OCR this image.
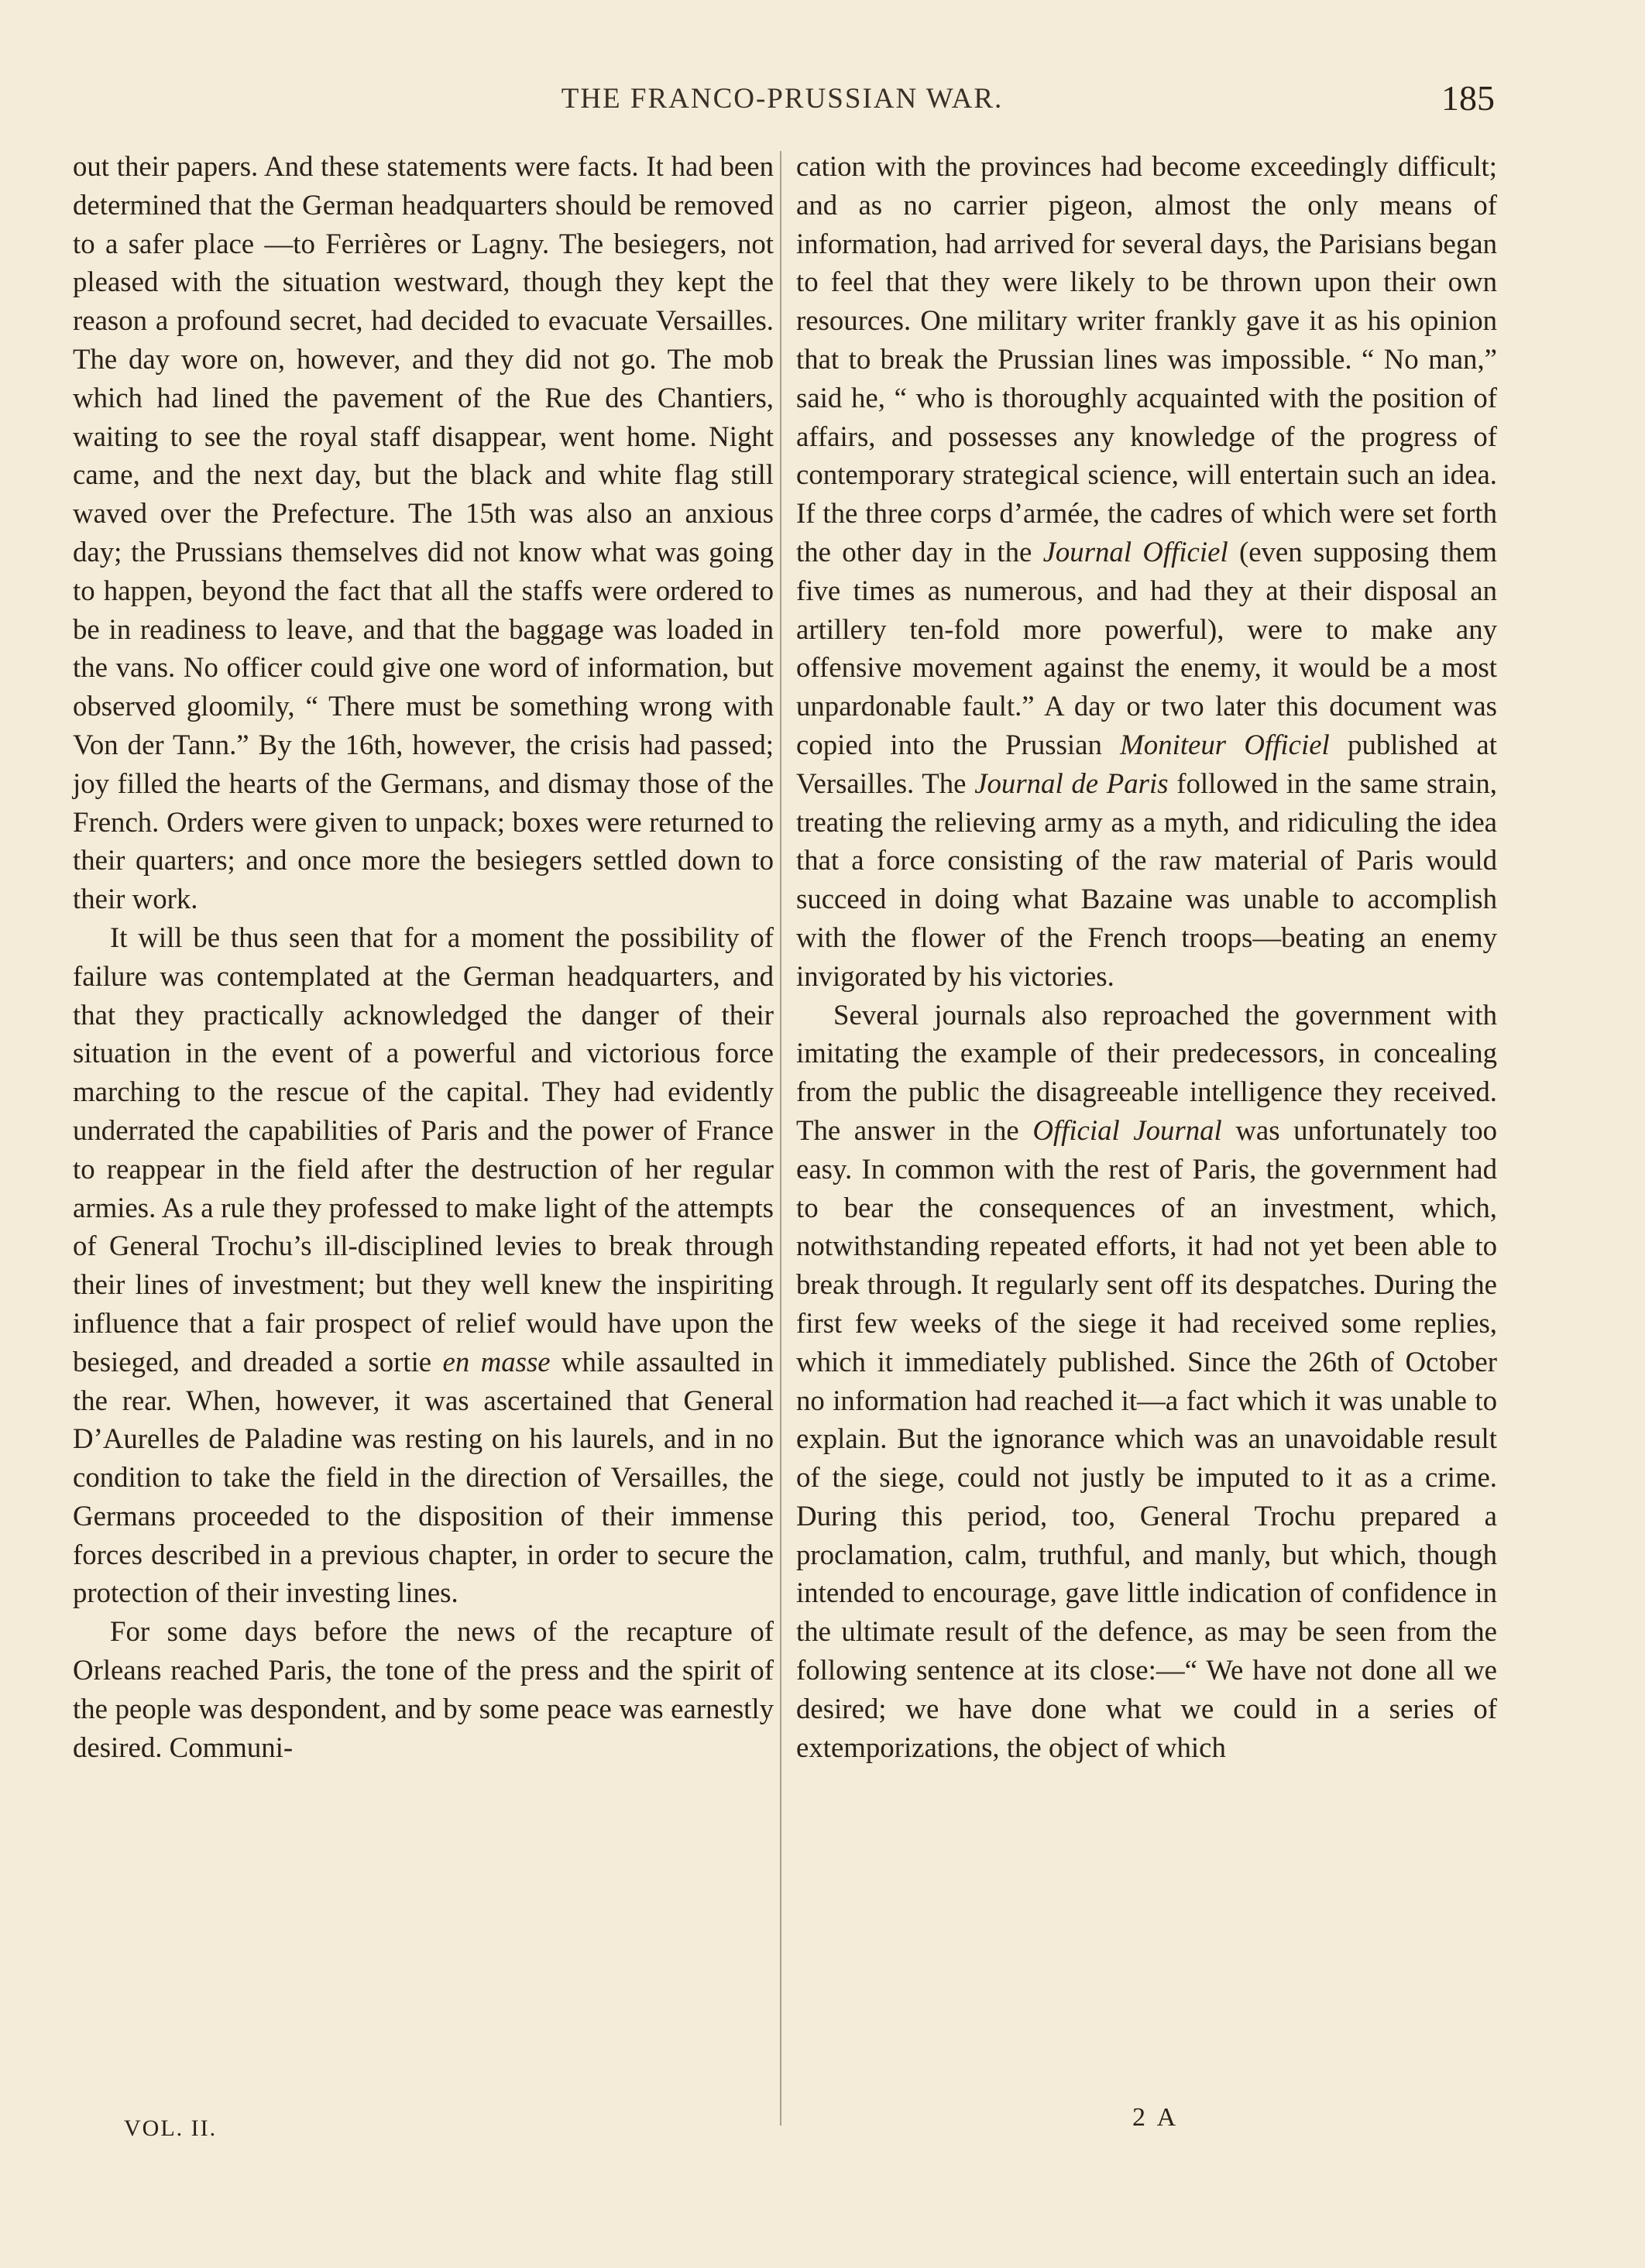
THE FRANCO-PRUSSIAN WAR.	185

out their papers. And these statements were facts. It had been determined that the German headquarters should be removed to a safer place —to Ferrières or Lagny. The besiegers, not pleased with the situation westward, though they kept the reason a profound secret, had decided to evacuate Versailles. The day wore on, however, and they did not go. The mob which had lined the pavement of the Rue des Chantiers, waiting to see the royal staff disappear, went home. Night came, and the next day, but the black and white flag still waved over the Prefecture. The 15th was also an anxious day; the Prussians themselves did not know what was going to happen, beyond the fact that all the staffs were ordered to be in readiness to leave, and that the baggage was loaded in the vans. No officer could give one word of information, but observed gloomily, “ There must be something wrong with Von der Tann.” By the 16th, however, the crisis had passed; joy filled the hearts of the Germans, and dismay those of the French. Orders were given to unpack; boxes were returned to their quarters; and once more the besiegers settled down to their work.

It will be thus seen that for a moment the possibility of failure was contemplated at the German headquarters, and that they practically acknowledged the danger of their situation in the event of a powerful and victorious force marching to the rescue of the capital. They had evidently underrated the capabilities of Paris and the power of France to reappear in the field after the destruction of her regular armies. As a rule they professed to make light of the attempts of General Trochu’s ill-disciplined levies to break through their lines of investment; but they well knew the inspiriting influence that a fair prospect of relief would have upon the besieged, and dreaded a sortie en masse while assaulted in the rear. When, however, it was ascertained that General D’Aurelles de Paladine was resting on his laurels, and in no condition to take the field in the direction of Versailles, the Germans proceeded to the disposition of their immense forces described in a previous chapter, in order to secure the protection of their investing lines.

For some days before the news of the recapture of Orleans reached Paris, the tone of the press and the spirit of the people was despondent, and by some peace was earnestly desired. Communi-

cation with the provinces had become exceedingly difficult; and as no carrier pigeon, almost the only means of information, had arrived for several days, the Parisians began to feel that they were likely to be thrown upon their own resources. One military writer frankly gave it as his opinion that to break the Prussian lines was impossible. “ No man,” said he, “ who is thoroughly acquainted with the position of affairs, and possesses any knowledge of the progress of contemporary strategical science, will entertain such an idea. If the three corps d’armée, the cadres of which were set forth the other day in the Journal Officiel (even supposing them five times as numerous, and had they at their disposal an artillery ten-fold more powerful), were to make any offensive movement against the enemy, it would be a most unpardonable fault.” A day or two later this document was copied into the Prussian Moniteur Officiel published at Versailles. The Journal de Paris followed in the same strain, treating the relieving army as a myth, and ridiculing the idea that a force consisting of the raw material of Paris would succeed in doing what Bazaine was unable to accomplish with the flower of the French troops—beating an enemy invigorated by his victories.

Several journals also reproached the government with imitating the example of their predecessors, in concealing from the public the disagreeable intelligence they received. The answer in the Official Journal was unfortunately too easy. In common with the rest of Paris, the government had to bear the consequences of an investment, which, notwithstanding repeated efforts, it had not yet been able to break through. It regularly sent off its despatches. During the first few weeks of the siege it had received some replies, which it immediately published. Since the 26th of October no information had reached it—a fact which it was unable to explain. But the ignorance which was an unavoidable result of the siege, could not justly be imputed to it as a crime. During this period, too, General Trochu prepared a proclamation, calm, truthful, and manly, but which, though intended to encourage, gave little indication of confidence in the ultimate result of the defence, as may be seen from the following sentence at its close:—“ We have not done all we desired; we have done what we could in a series of extemporizations, the object of which

VOL. II.	2 A
